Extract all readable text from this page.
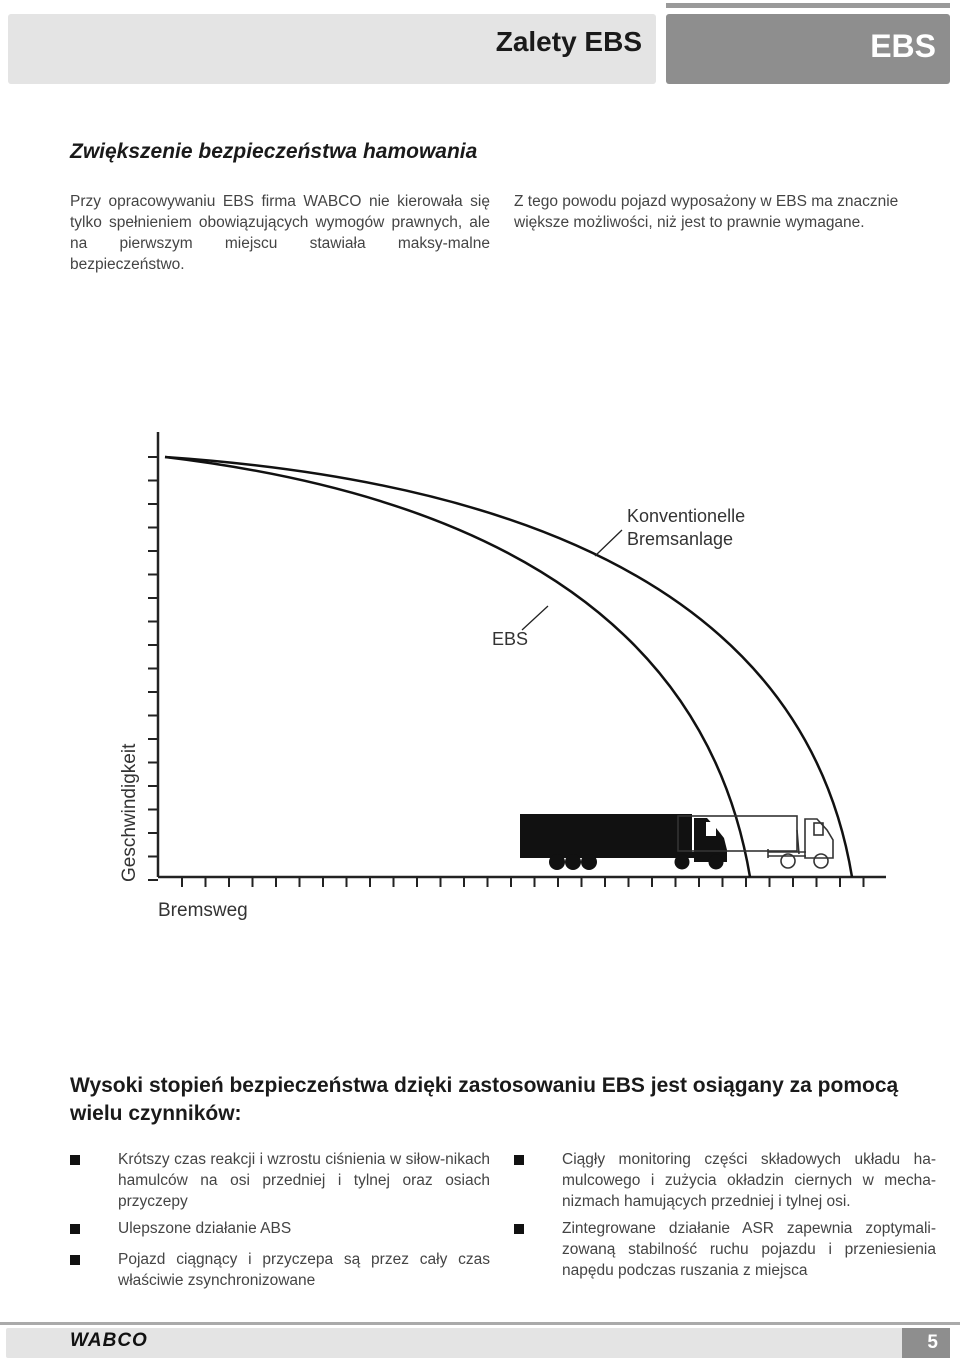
Zalety EBS	EBS
Zwiększenie bezpieczeństwa hamowania

Przy opracowywaniu EBS firma WABCO nie kierowała się tylko spełnieniem obowiązujących wymogów prawnych, ale na pierwszym miejscu stawiała maksy-malne bezpieczeństwo.

Z tego powodu pojazd wyposażony w EBS ma znacznie większe możliwości, niż jest to prawnie wymagane.

Konventionelle
Bremsanlage
EBS
Geschwindigkeit
Bremsweg
Wysoki stopień bezpieczeństwa dzięki zastosowaniu EBS jest osiągany za pomocą wielu czynników:
Krótszy czas reakcji i wzrostu ciśnienia w siłow-nikach hamulców na osi przedniej i tylnej oraz osiach przyczepy
Ulepszone działanie ABS
Pojazd ciągnący i przyczepa są przez cały czas właściwie zsynchronizowane
Ciągły monitoring części składowych układu ha-mulcowego i zużycia okładzin ciernych w mecha-nizmach hamujących przedniej i tylnej osi.
Zintegrowane działanie ASR zapewnia zoptymali-zowaną stabilność ruchu pojazdu i przeniesienia napędu podczas ruszania z miejsca
WABCO	5
